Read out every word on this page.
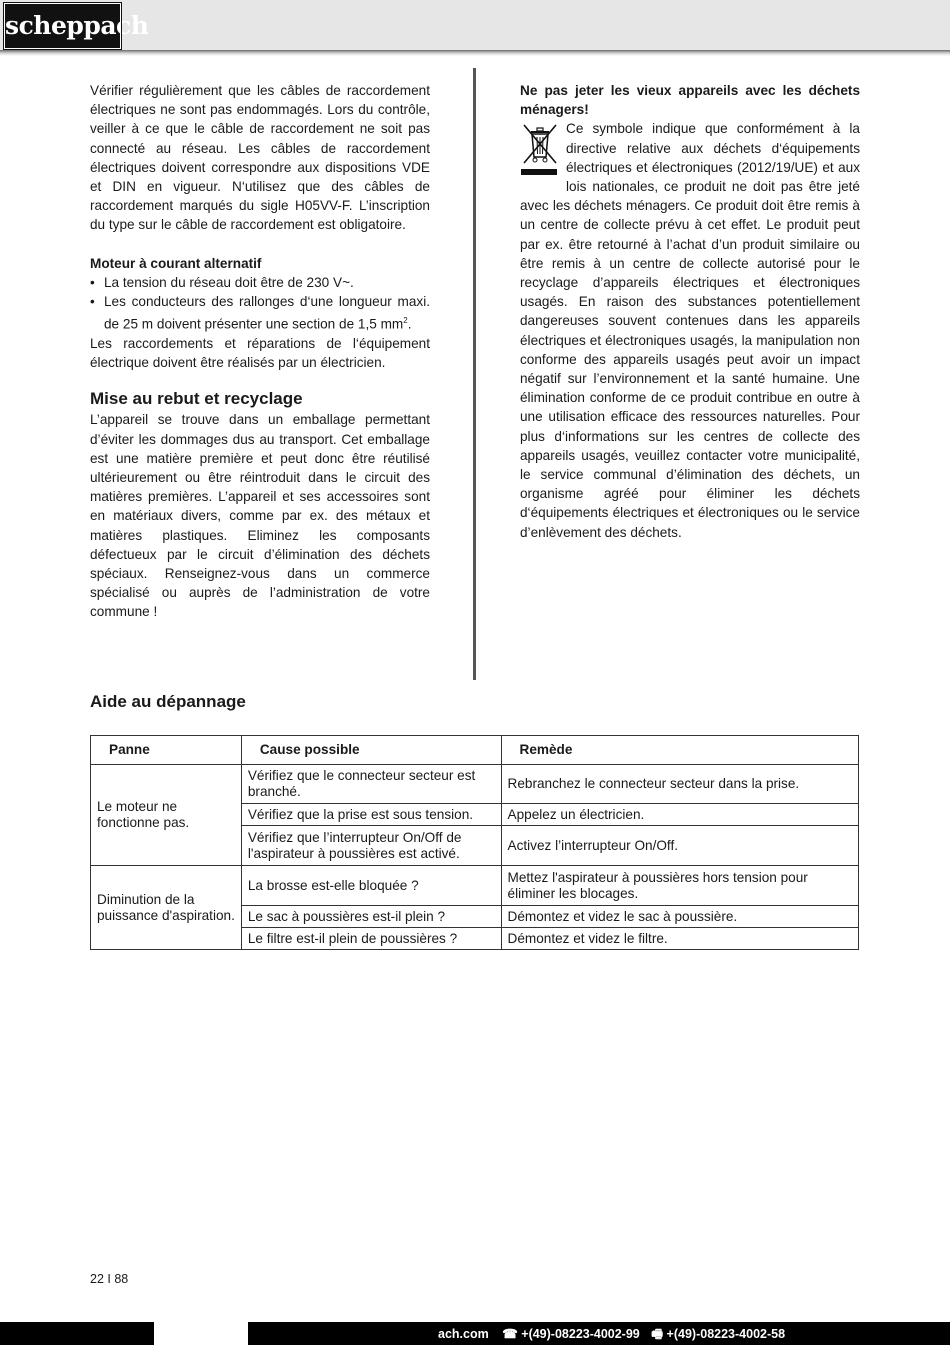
scheppach

Vérifier régulièrement que les câbles de raccordement électriques ne sont pas endommagés. Lors du contrôle, veiller à ce que le câble de raccordement ne soit pas connecté au réseau. Les câbles de raccordement électriques doivent correspondre aux dispositions VDE et DIN en vigueur. N‘utilisez que des câbles de raccordement marqués du sigle H05VV-F. L’inscription du type sur le câble de raccordement est obligatoire.

Moteur à courant alternatif

• La tension du réseau doit être de 230 V~.
• Les conducteurs des rallonges d‘une longueur maxi. de 25 m doivent présenter une section de 1,5 $mm^2$.

Les raccordements et réparations de l‘équipement électrique doivent être réalisés par un électricien.

Mise au rebut et recyclage

L’appareil se trouve dans un emballage permettant d’éviter les dommages dus au transport. Cet emballage est une matière première et peut donc être réutilisé ultérieurement ou être réintroduit dans le circuit des matières premières. L’appareil et ses accessoires sont en matériaux divers, comme par ex. des métaux et matières plastiques. Eliminez les composants défectueux par le circuit d’élimination des déchets spéciaux. Renseignez-vous dans un commerce spécialisé ou auprès de l’administration de votre commune !

Ne pas jeter les vieux appareils avec les déchets ménagers!

Ce symbole indique que conformément à la directive relative aux déchets d‘équipements électriques et électroniques (2012/19/UE) et aux lois nationales, ce produit ne doit pas être jeté avec les déchets ménagers. Ce produit doit être remis à un centre de collecte prévu à cet effet. Le produit peut par ex. être retourné à l’achat d’un produit similaire ou être remis à un centre de collecte autorisé pour le recyclage d’appareils électriques et électroniques usagés. En raison des substances potentiellement dangereuses souvent contenues dans les appareils électriques et électroniques usagés, la manipulation non conforme des appareils usagés peut avoir un impact négatif sur l’environnement et la santé humaine. Une élimination conforme de ce produit contribue en outre à une utilisation efficace des ressources naturelles. Pour plus d‘informations sur les centres de collecte des appareils usagés, veuillez contacter votre municipalité, le service communal d’élimination des déchets, un organisme agréé pour éliminer les déchets d‘équipements électriques et électroniques ou le service d’enlèvement des déchets.

Aide au dépannage
Panne	Cause possible	Remède
Le moteur ne fonctionne pas.	Vérifiez que le connecteur secteur est branché.	Rebranchez le connecteur secteur dans la prise.
	Vérifiez que la prise est sous tension.	Appelez un électricien.
	Vérifiez que l’interrupteur On/Off de l'aspirateur à poussières est activé.	Activez l’interrupteur On/Off.
Diminution de la puissance d'aspiration.	La brosse est-elle bloquée ?	Mettez l'aspirateur à poussières hors tension pour éliminer les blocages.
	Le sac à poussières est-il plein ?	Démontez et videz le sac à poussière.
	Le filtre est-il plein de poussières ?	Démontez et videz le filtre.
22 I 88
ach.com ☎ +(49)-08223-4002-99 🖷 +(49)-08223-4002-58
